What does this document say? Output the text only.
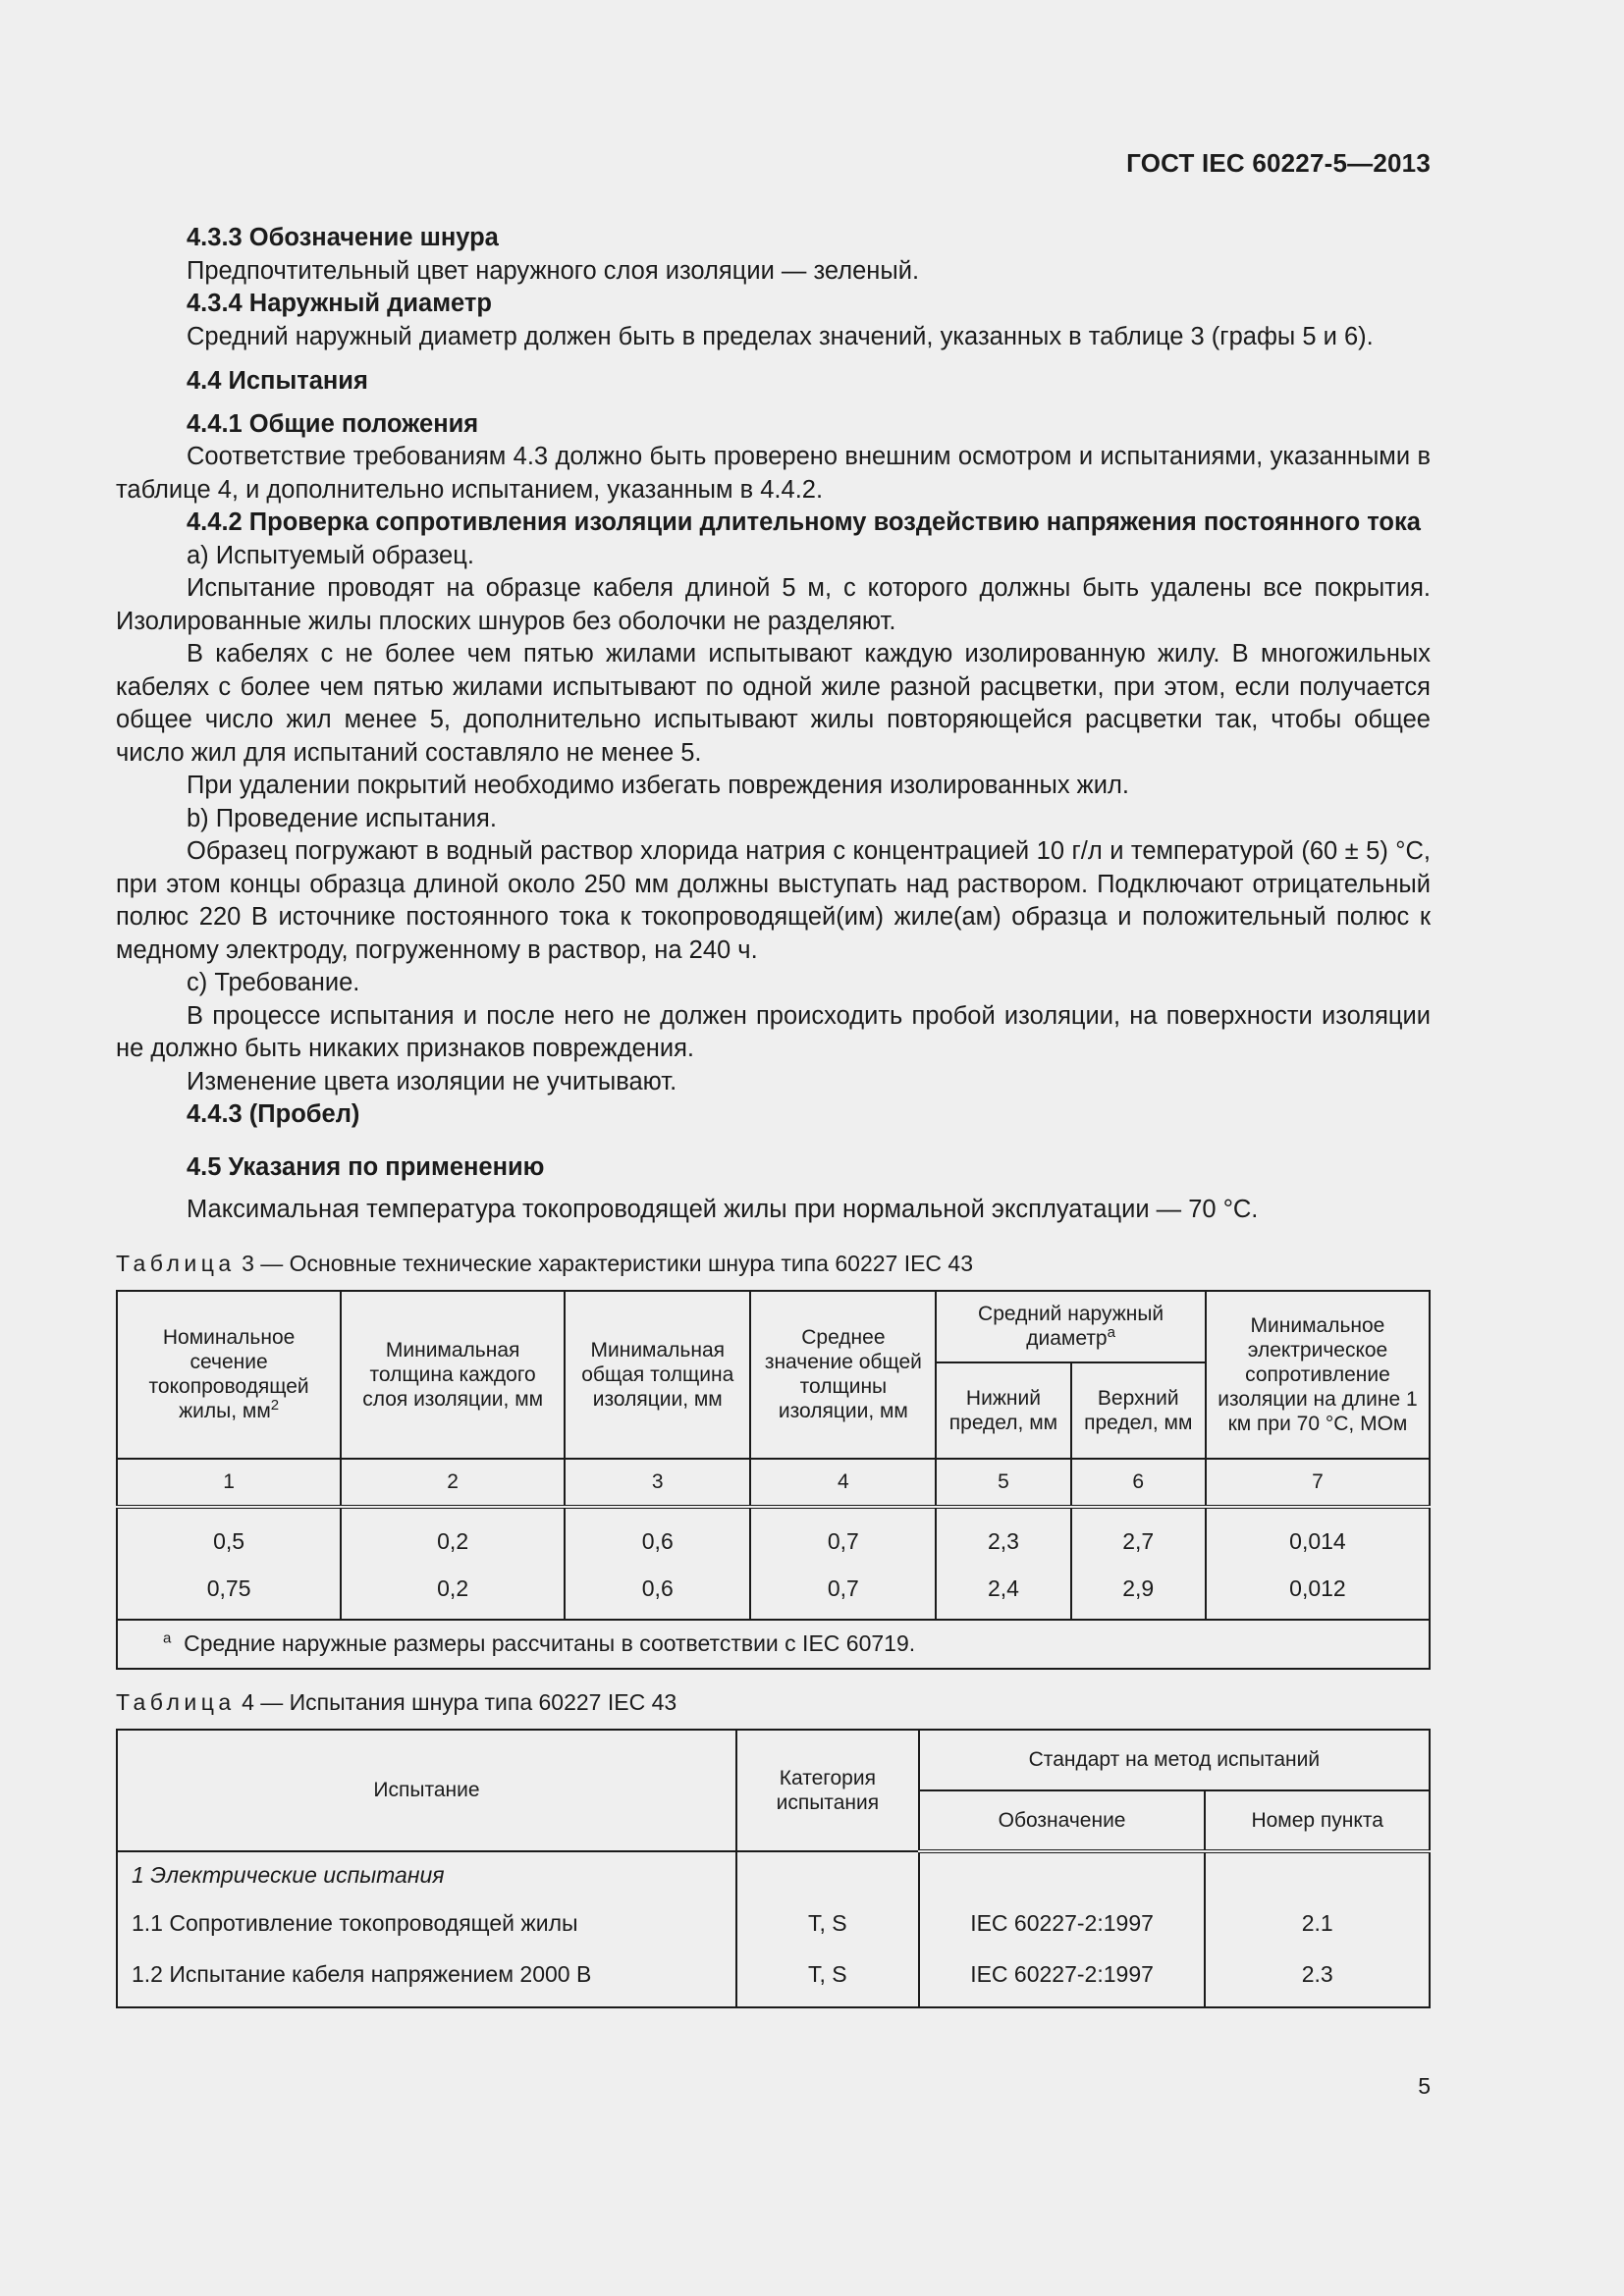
ГОСТ IEC 60227-5—2013

4.3.3 Обозначение шнура

Предпочтительный цвет наружного слоя изоляции — зеленый.

4.3.4 Наружный диаметр

Средний наружный диаметр должен быть в пределах значений, указанных в таблице 3 (графы 5 и 6).

4.4 Испытания

4.4.1 Общие положения

Соответствие требованиям 4.3 должно быть проверено внешним осмотром и испытаниями, указанными в таблице 4, и дополнительно испытанием, указанным в 4.4.2.

4.4.2 Проверка сопротивления изоляции длительному воздействию напряжения постоянного тока

а) Испытуемый образец.

Испытание проводят на образце кабеля длиной 5 м, с которого должны быть удалены все покрытия. Изолированные жилы плоских шнуров без оболочки не разделяют.

В кабелях с не более чем пятью жилами испытывают каждую изолированную жилу. В многожильных кабелях с более чем пятью жилами испытывают по одной жиле разной расцветки, при этом, если получается общее число жил менее 5, дополнительно испытывают жилы повторяющейся расцветки так, чтобы общее число жил для испытаний составляло не менее 5.

При удалении покрытий необходимо избегать повреждения изолированных жил.

b) Проведение испытания.

Образец погружают в водный раствор хлорида натрия с концентрацией 10 г/л и температурой (60 ± 5) °С, при этом концы образца длиной около 250 мм должны выступать над раствором. Подключают отрицательный полюс 220 В источнике постоянного тока к токопроводящей(им) жиле(ам) образца и положительный полюс к медному электроду, погруженному в раствор, на 240 ч.

с) Требование.

В процессе испытания и после него не должен происходить пробой изоляции, на поверхности изоляции не должно быть никаких признаков повреждения.

Изменение цвета изоляции не учитывают.

4.4.3 (Пробел)

4.5 Указания по применению

Максимальная температура токопроводящей жилы при нормальной эксплуатации — 70 °С.

Таблица 3 — Основные технические характеристики шнура типа 60227 IEC 43
Номинальное сечение токопроводящей жилы, $мм^2$	Минимальная толщина каждого слоя изоляции, мм	Минимальная общая толщина изоляции, мм	Среднее значение общей толщины изоляции, мм	Средний наружный диаметр$^a$		Минимальное электрическое сопротивление изоляции на длине 1 км при 70 °С, МОм
				Нижний предел, мм	Верхний предел, мм	
1	2	3	4	5	6	7
0,5	0,2	0,6	0,7	2,3	2,7	0,014
0,75	0,2	0,6	0,7	2,4	2,9	0,012
$^a$ Средние наружные размеры рассчитаны в соответствии с IEC 60719.						
Таблица 4 — Испытания шнура типа 60227 IEC 43
Испытание	Категория испытания	Стандарт на метод испытаний	
		Обозначение	Номер пункта
1 Электрические испытания			
1.1 Сопротивление токопроводящей жилы	T, S	IEC 60227-2:1997	2.1
1.2 Испытание кабеля напряжением 2000 В	T, S	IEC 60227-2:1997	2.3
5
